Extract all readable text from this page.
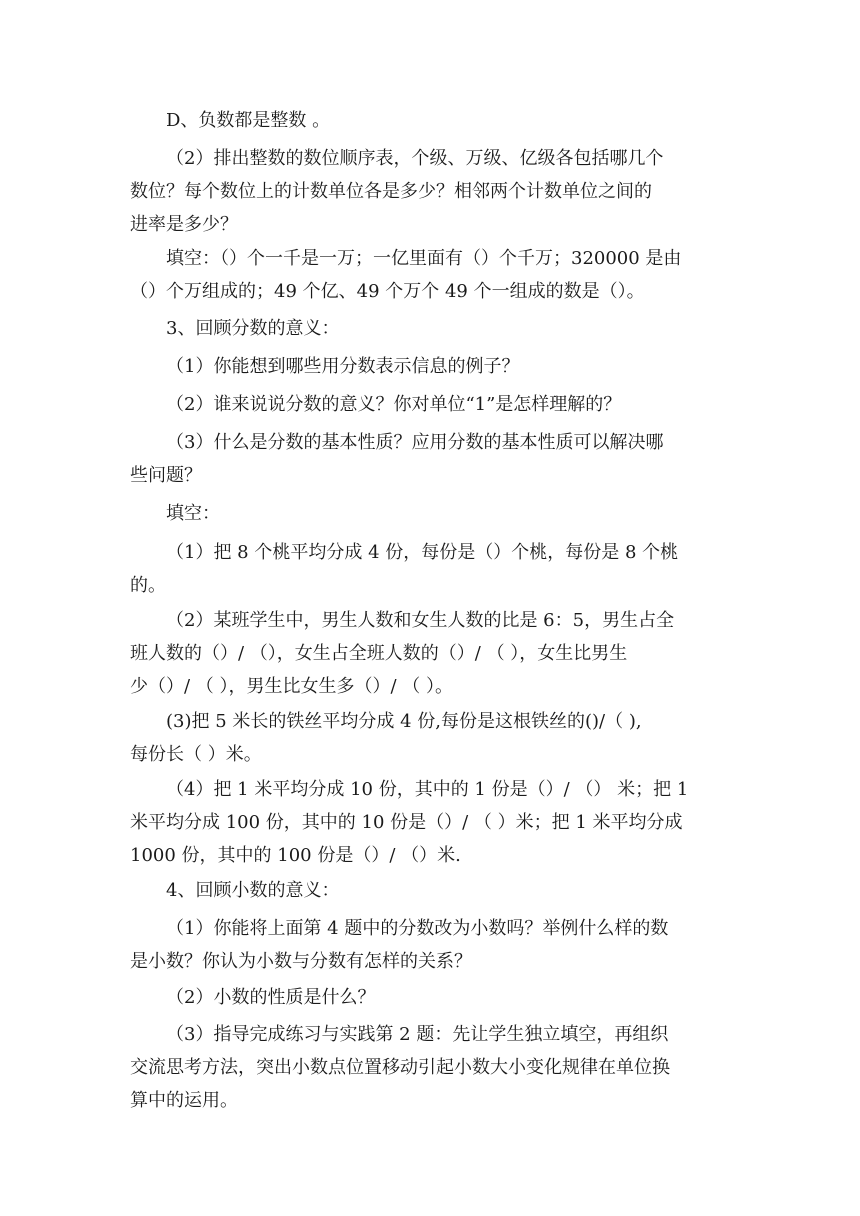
D、负数都是整数 。

（2）排出整数的数位顺序表，个级、万级、亿级各包括哪几个
数位？每个数位上的计数单位各是多少？相邻两个计数单位之间的
进率是多少？

填空：（）个一千是一万；一亿里面有（）个千万；320000 是由
（）个万组成的；49 个亿、49 个万个 49 个一组成的数是（）。

3、回顾分数的意义：

（1）你能想到哪些用分数表示信息的例子？

（2）谁来说说分数的意义？你对单位“1”是怎样理解的？

（3）什么是分数的基本性质？应用分数的基本性质可以解决哪
些问题？

填空：

（1）把 8 个桃平均分成 4 份，每份是（）个桃，每份是 8 个桃
的。

（2）某班学生中，男生人数和女生人数的比是 6：5，男生占全
班人数的（）/ （），女生占全班人数的（）/ （ ），女生比男生
少（）/ （ ），男生比女生多（）/ （ ）。

(3)把 5 米长的铁丝平均分成 4 份,每份是这根铁丝的()/（ ),
每份长（ ）米。

（4）把 1 米平均分成 10 份，其中的 1 份是（）/ （） 米；把 1
米平均分成 100 份，其中的 10 份是（）/ （ ）米；把 1 米平均分成
1000 份，其中的 100 份是（）/ （）米.

4、回顾小数的意义：

（1）你能将上面第 4 题中的分数改为小数吗？举例什么样的数
是小数？你认为小数与分数有怎样的关系？

（2）小数的性质是什么？

（3）指导完成练习与实践第 2 题：先让学生独立填空，再组织
交流思考方法，突出小数点位置移动引起小数大小变化规律在单位换
算中的运用。
